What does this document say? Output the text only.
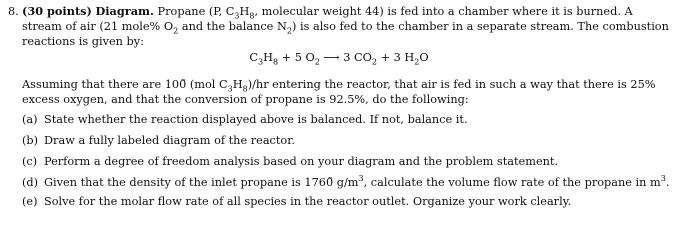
8. (30 points) Diagram. Propane (P, $C_3H_8$, molecular weight 44) is fed into a chamber where it is burned. A stream of air (21 mole% $O_2$ and the balance $N_2$) is also fed to the chamber in a separate stream. The combustion reactions is given by:
$C_3H_8 + 5$ $O_2$ ⟶ 3 $CO_2 + 3$ $H_2O$
Assuming that there are 100̃ (mol $C_3H_8)/hr$ entering the reactor, that air is fed in such a way that there is 25% excess oxygen, and that the conversion of propane is 92.5%, do the following:
(a) State whether the reaction displayed above is balanced. If not, balance it.
(b) Draw a fully labeled diagram of the reactor.
(c) Perform a degree of freedom analysis based on your diagram and the problem statement.
(d) Given that the density of the inlet propane is 1760̃ $g/m^3$, calculate the volume flow rate of the propane in $m^3$.
(e) Solve for the molar flow rate of all species in the reactor outlet. Organize your work clearly.
